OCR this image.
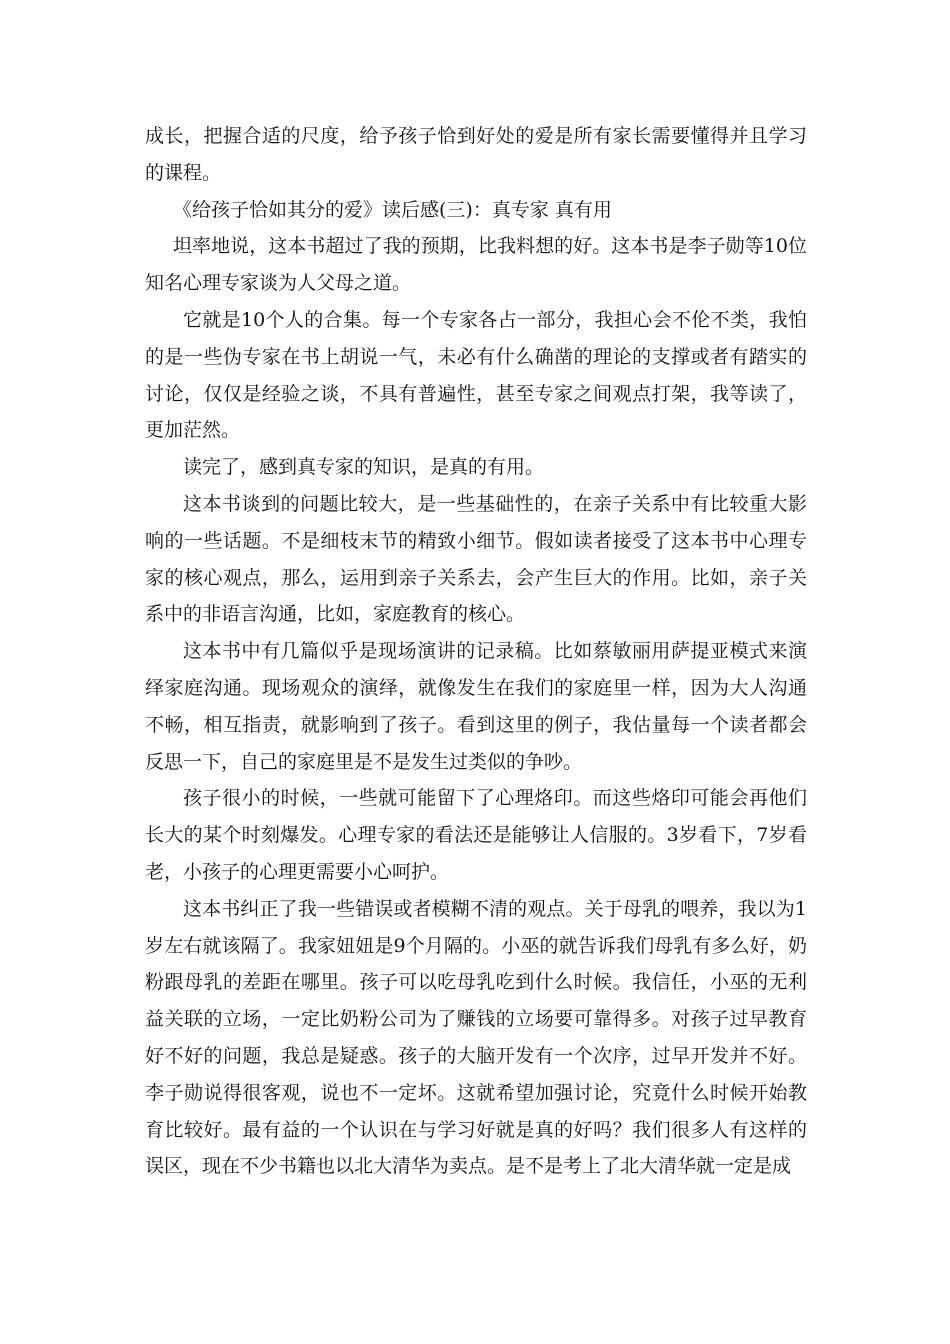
成长，把握合适的尺度，给予孩子恰到好处的爱是所有家长需要懂得并且学习的课程。

《给孩子恰如其分的爱》读后感(三)：真专家 真有用

坦率地说，这本书超过了我的预期，比我料想的好。这本书是李子勋等10位知名心理专家谈为人父母之道。

它就是10个人的合集。每一个专家各占一部分，我担心会不伦不类，我怕的是一些伪专家在书上胡说一气，未必有什么确凿的理论的支撑或者有踏实的讨论，仅仅是经验之谈，不具有普遍性，甚至专家之间观点打架，我等读了，更加茫然。

读完了，感到真专家的知识，是真的有用。

这本书谈到的问题比较大，是一些基础性的，在亲子关系中有比较重大影响的一些话题。不是细枝末节的精致小细节。假如读者接受了这本书中心理专家的核心观点，那么，运用到亲子关系去，会产生巨大的作用。比如，亲子关系中的非语言沟通，比如，家庭教育的核心。

这本书中有几篇似乎是现场演讲的记录稿。比如蔡敏丽用萨提亚模式来演绎家庭沟通。现场观众的演绎，就像发生在我们的家庭里一样，因为大人沟通不畅，相互指责，就影响到了孩子。看到这里的例子，我估量每一个读者都会反思一下，自己的家庭里是不是发生过类似的争吵。

孩子很小的时候，一些就可能留下了心理烙印。而这些烙印可能会再他们长大的某个时刻爆发。心理专家的看法还是能够让人信服的。3岁看下，7岁看老，小孩子的心理更需要小心呵护。

这本书纠正了我一些错误或者模糊不清的观点。关于母乳的喂养，我以为1岁左右就该隔了。我家妞妞是9个月隔的。小巫的就告诉我们母乳有多么好，奶粉跟母乳的差距在哪里。孩子可以吃母乳吃到什么时候。我信任，小巫的无利益关联的立场，一定比奶粉公司为了赚钱的立场要可靠得多。对孩子过早教育好不好的问题，我总是疑惑。孩子的大脑开发有一个次序，过早开发并不好。李子勋说得很客观，说也不一定坏。这就希望加强讨论，究竟什么时候开始教育比较好。最有益的一个认识在与学习好就是真的好吗？我们很多人有这样的误区，现在不少书籍也以北大清华为卖点。是不是考上了北大清华就一定是成
